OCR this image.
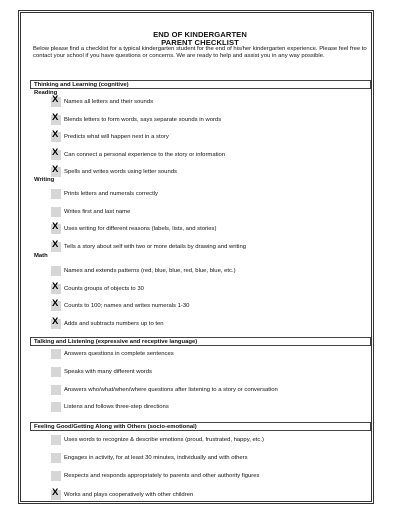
END OF KINDERGARTEN
PARENT CHECKLIST
Below please find a checklist for a typical kindergarten student for the end of his/her kindergarten experience. Please feel free to contact your school if you have questions or concerns. We are ready to help and assist you in any way possible.
Thinking and Learning (cognitive)
Reading
X Names all letters and their sounds
X Blends letters to form words, says separate sounds in words
X Predicts what will happen next in a story
X Can connect a personal experience to the story or information
X Spells and writes words using letter sounds
Writing
Prints letters and numerals correctly
Writes first and last name
X Uses writing for different reasons (labels, lists, and stories)
X Tells a story about self with two or more details by drawing and writing
Math
Names and extends patterns (red, blue, blue, red, blue, blue, etc.)
X Counts groups of objects to 30
X Counts to 100; names and writes numerals 1-30
X Adds and subtracts numbers up to ten
Talking and Listening (expressive and receptive language)
Answers questions in complete sentences
Speaks with many different words
Answers who/what/when/where questions after listening to a story or conversation
Listens and follows three-step directions
Feeling Good/Getting Along with Others (socio-emotional)
Uses words to recognize & describe emotions (proud, frustrated, happy, etc.)
Engages in activity, for at least 30 minutes, individually and with others
Respects and responds appropriately to parents and other authority figures
X Works and plays cooperatively with other children
